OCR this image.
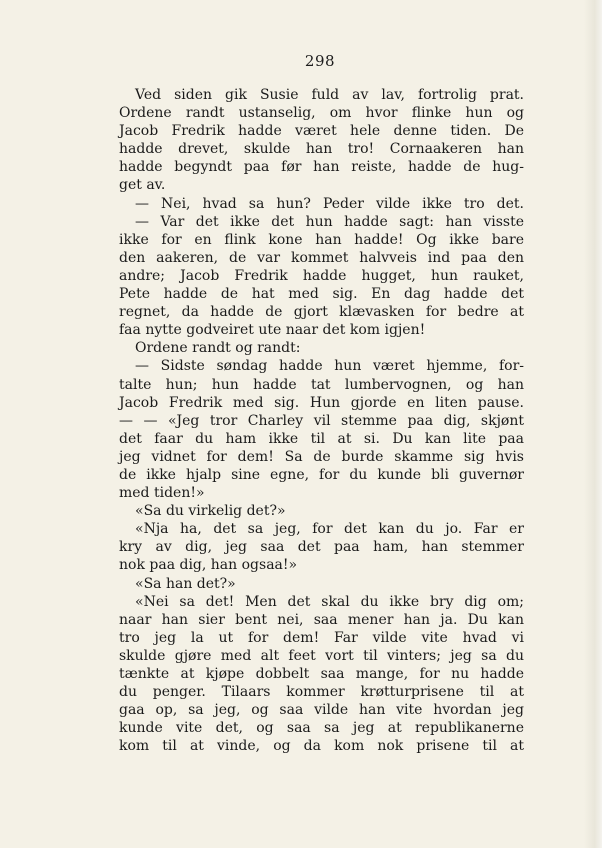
298
Ved siden gik Susie fuld av lav, fortrolig prat.
Ordene randt ustanselig, om hvor flinke hun og
Jacob Fredrik hadde været hele denne tiden. De
hadde drevet, skulde han tro! Cornaakeren han
hadde begyndt paa før han reiste, hadde de hug-
get av.
— Nei, hvad sa hun? Peder vilde ikke tro det.
— Var det ikke det hun hadde sagt: han visste
ikke for en flink kone han hadde! Og ikke bare
den aakeren, de var kommet halvveis ind paa den
andre; Jacob Fredrik hadde hugget, hun rauket,
Pete hadde de hat med sig. En dag hadde det
regnet, da hadde de gjort klævasken for bedre at
faa nytte godveiret ute naar det kom igjen!
Ordene randt og randt:
— Sidste søndag hadde hun været hjemme, for-
talte hun; hun hadde tat lumbervognen, og han
Jacob Fredrik med sig. Hun gjorde en liten pause.
— — «Jeg tror Charley vil stemme paa dig, skjønt
det faar du ham ikke til at si. Du kan lite paa
jeg vidnet for dem! Sa de burde skamme sig hvis
de ikke hjalp sine egne, for du kunde bli guvernør
med tiden!»
«Sa du virkelig det?»
«Nja ha, det sa jeg, for det kan du jo. Far er
kry av dig, jeg saa det paa ham, han stemmer
nok paa dig, han ogsaa!»
«Sa han det?»
«Nei sa det! Men det skal du ikke bry dig om;
naar han sier bent nei, saa mener han ja. Du kan
tro jeg la ut for dem! Far vilde vite hvad vi
skulde gjøre med alt feet vort til vinters; jeg sa du
tænkte at kjøpe dobbelt saa mange, for nu hadde
du penger. Tilaars kommer krøtturprisene til at
gaa op, sa jeg, og saa vilde han vite hvordan jeg
kunde vite det, og saa sa jeg at republikanerne
kom til at vinde, og da kom nok prisene til at
